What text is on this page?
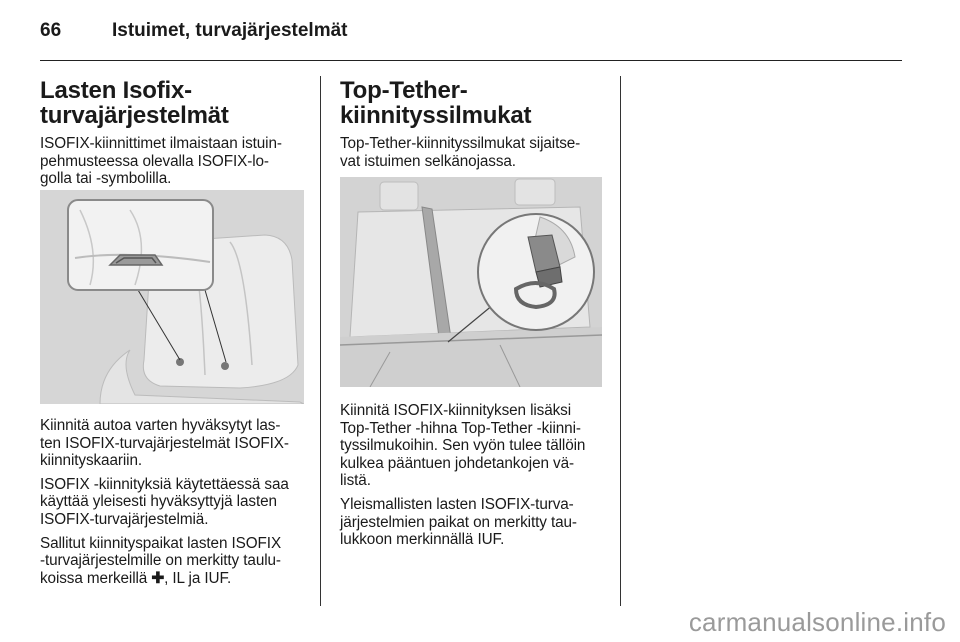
66	Istuimet, turvajärjestelmät
Lasten Isofix-
turvajärjestelmät

ISOFIX-kiinnittimet ilmaistaan istuin-
pehmusteessa olevalla ISOFIX-lo-
golla tai -symbolilla.

Kiinnitä autoa varten hyväksytyt las-
ten ISOFIX-turvajärjestelmät ISOFIX-
kiinnityskaariin.

ISOFIX -kiinnityksiä käytettäessä saa
käyttää yleisesti hyväksyttyjä lasten
ISOFIX-turvajärjestelmiä.

Sallitut kiinnityspaikat lasten ISOFIX
-turvajärjestelmille on merkitty taulu-
koissa merkeillä ✚, IL ja IUF.

Top-Tether-
kiinnityssilmukat

Top-Tether-kiinnityssilmukat sijaitse-
vat istuimen selkänojassa.

Kiinnitä ISOFIX-kiinnityksen lisäksi
Top-Tether -hihna Top-Tether -kiinni-
tyssilmukoihin. Sen vyön tulee tällöin
kulkea pääntuen johdetankojen vä-
listä.

Yleismallisten lasten ISOFIX-turva-
järjestelmien paikat on merkitty tau-
lukkoon merkinnällä IUF.

carmanualsonline.info
